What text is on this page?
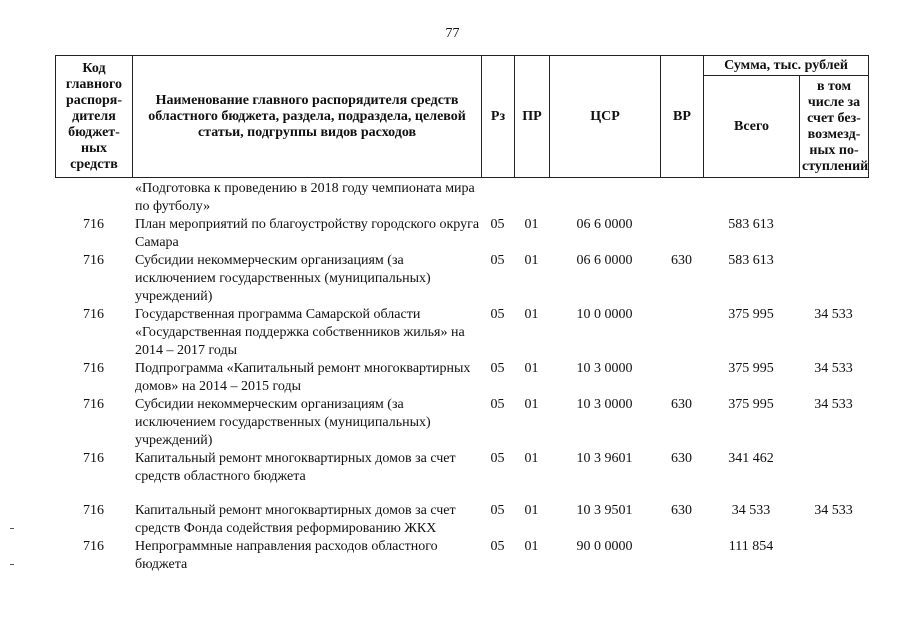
77
Код главного распоря-дителя бюджет-ных средств	Наименование главного распорядителя средств областного бюджета, раздела, подраздела, целевой статьи, подгруппы видов расходов	Рз	ПР	ЦСР	ВР	Сумма, тыс. рублей	
						Всего	в том числе за счет без-возмезд-ных по-ступлений
	«Подготовка к проведению в 2018 году чемпионата мира по футболу»						
716	План мероприятий по благоустройству городского округа Самара	05	01	06 6 0000		583 613	
716	Субсидии некоммерческим организациям (за исключением государственных (муниципальных) учреждений)	05	01	06 6 0000	630	583 613	
716	Государственная программа Самарской области «Государственная поддержка собственников жилья» на 2014 – 2017 годы	05	01	10 0 0000		375 995	34 533
716	Подпрограмма «Капитальный ремонт многоквартирных домов» на 2014 – 2015 годы	05	01	10 3 0000		375 995	34 533
716	Субсидии некоммерческим организациям (за исключением государственных (муниципальных) учреждений)	05	01	10 3 0000	630	375 995	34 533
716	Капитальный ремонт многоквартирных домов за счет средств областного бюджета	05	01	10 3 9601	630	341 462	

716	Капитальный ремонт многоквартирных домов за счет средств Фонда содействия реформированию ЖКХ	05	01	10 3 9501	630	34 533	34 533
716	Непрограммные направления расходов областного бюджета	05	01	90 0 0000		111 854	
